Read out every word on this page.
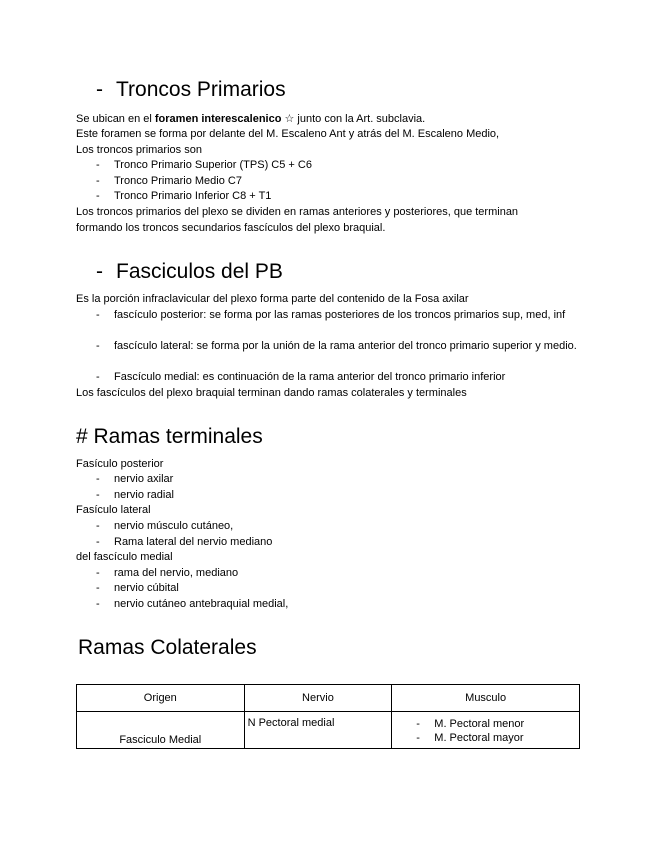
- Troncos Primarios
Se ubican en el foramen interescalenico ☆ junto con la Art. subclavia.
Este foramen se forma por delante del M. Escaleno Ant y atrás del M. Escaleno Medio,
Los troncos primarios son
- Tronco Primario Superior (TPS) C5 + C6
- Tronco Primario Medio C7
- Tronco Primario Inferior C8 + T1
Los troncos primarios del plexo se dividen en ramas anteriores y posteriores, que terminan formando los troncos secundarios fascículos del plexo braquial.
- Fasciculos del PB
Es la porción infraclavicular del plexo forma parte del contenido de la Fosa axilar
- fascículo posterior: se forma por las ramas posteriores de los troncos primarios sup, med, inf
- fascículo lateral: se forma por la unión de la rama anterior del tronco primario superior y medio.
- Fascículo medial: es continuación de la rama anterior del tronco primario inferior
Los fascículos del plexo braquial terminan dando ramas colaterales y terminales
# Ramas terminales
Fasículo posterior
- nervio axilar
- nervio radial
Fasículo lateral
- nervio músculo cutáneo,
- Rama lateral del nervio mediano
del fascículo medial
- rama del nervio, mediano
- nervio cúbital
- nervio cutáneo antebraquial medial,
Ramas Colaterales
Origen	Nervio	Musculo

Fasciculo Medial	N Pectoral medial	- M. Pectoral menor
- M. Pectoral mayor
